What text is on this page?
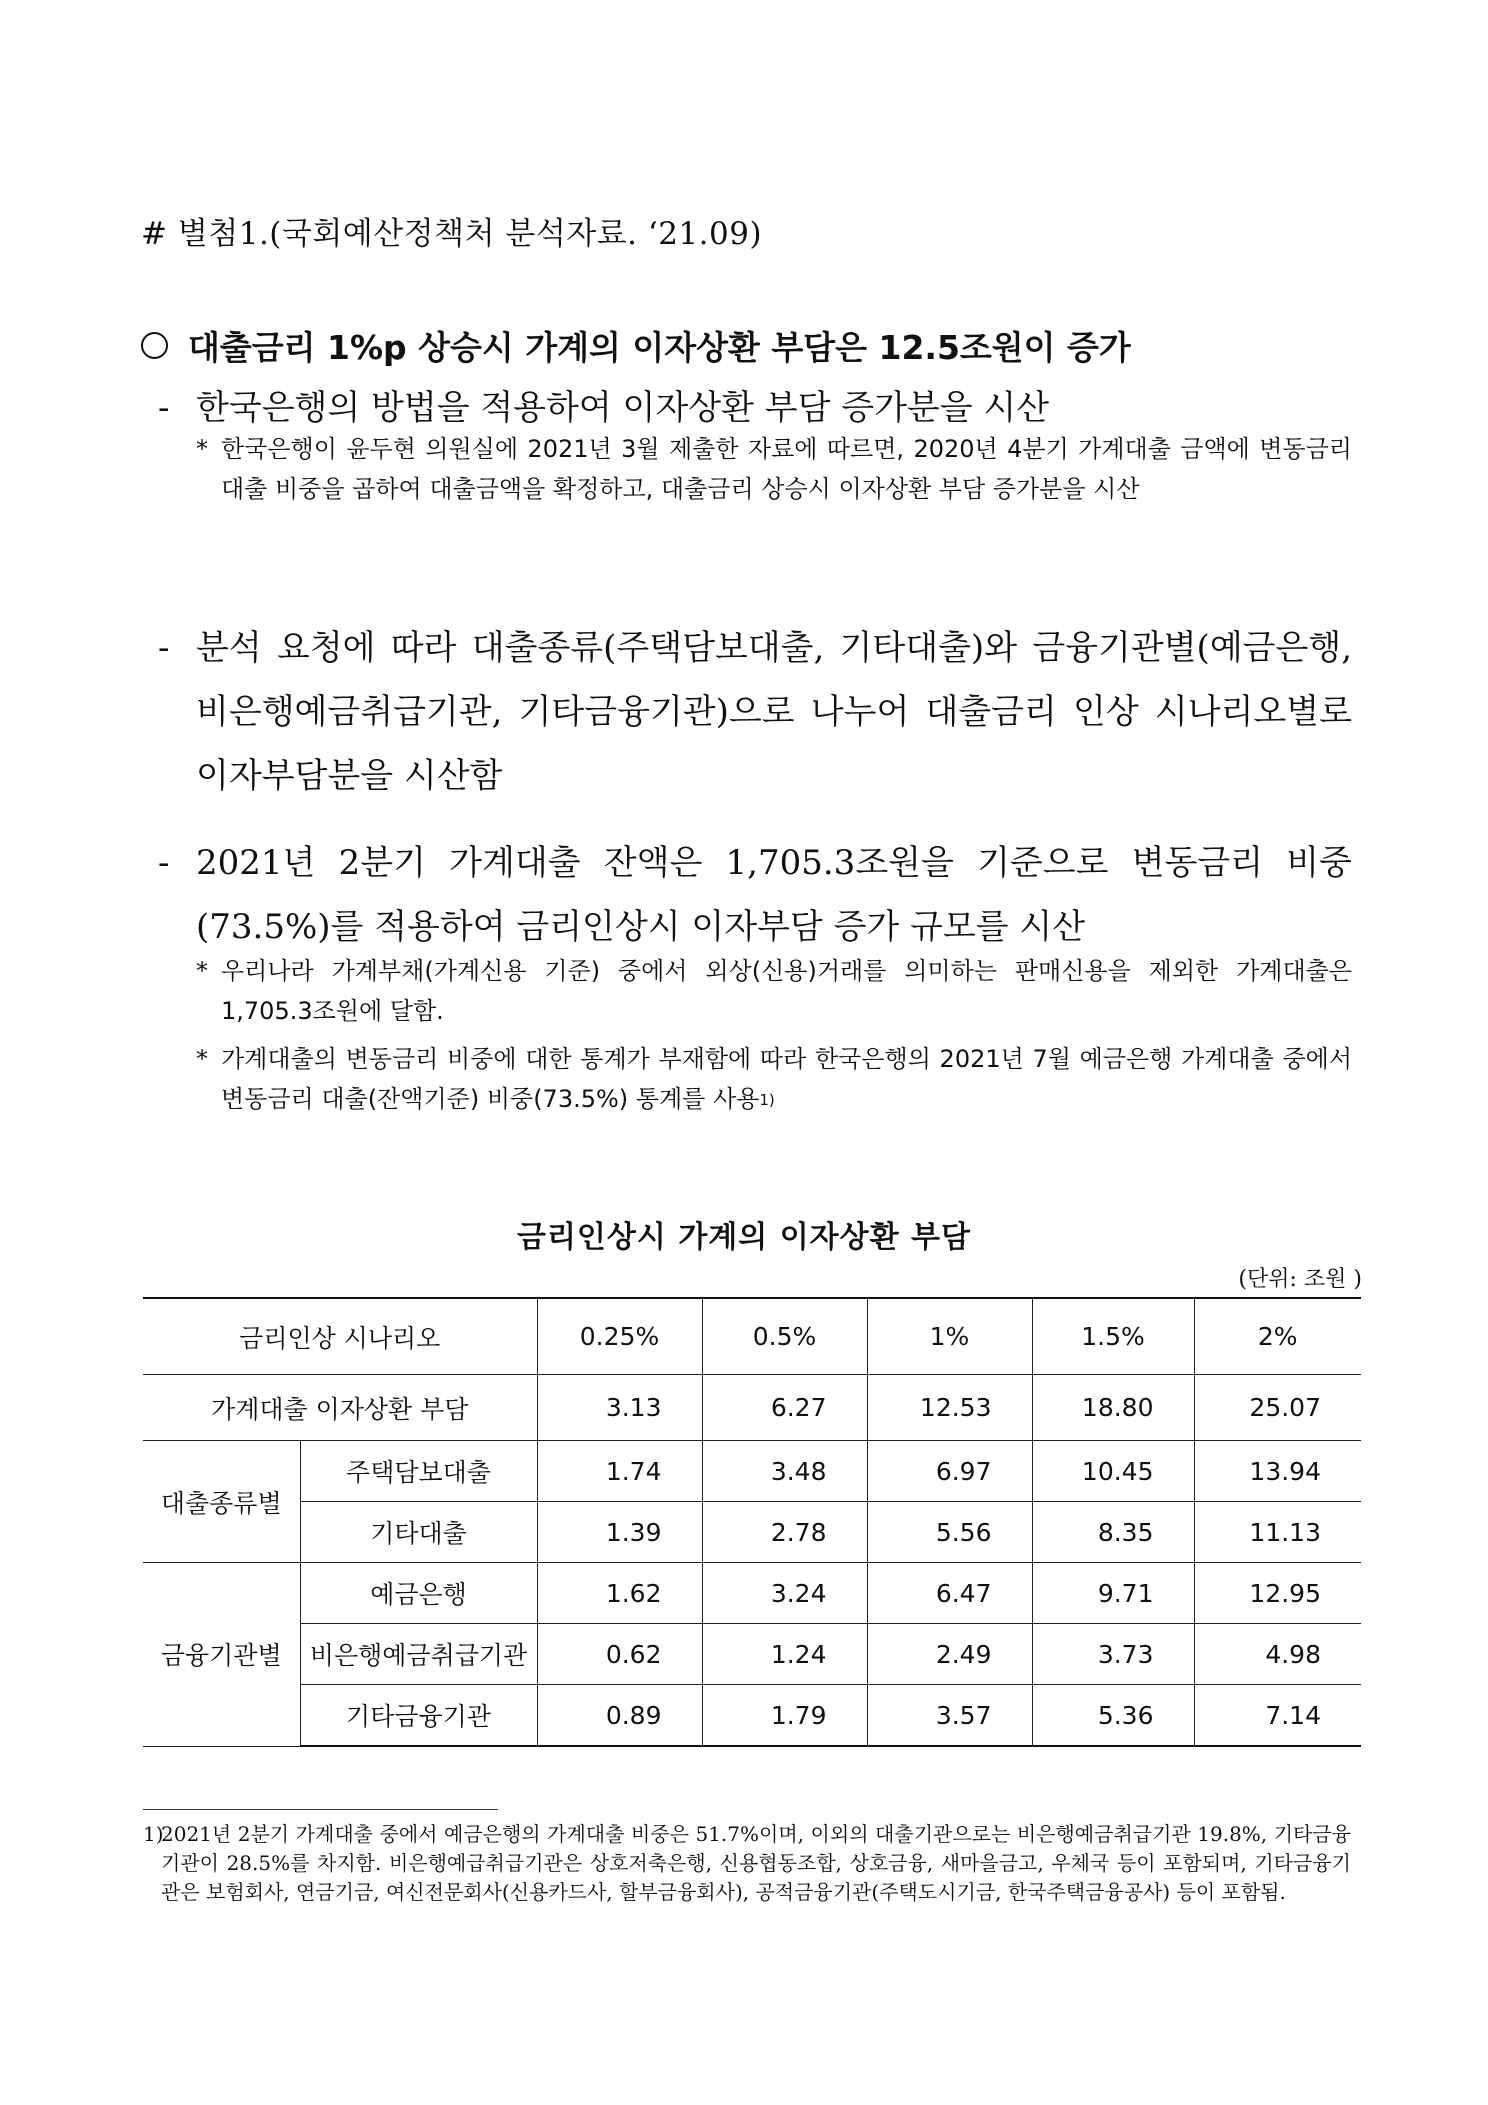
# 별첨1.(국회예산정책처 분석자료. ‘21.09)
대출금리 1%p 상승시 가계의 이자상환 부담은 12.5조원이 증가
- 한국은행의 방법을 적용하여 이자상환 부담 증가분을 시산
* 한국은행이 윤두현 의원실에 2021년 3월 제출한 자료에 따르면, 2020년 4분기 가계대출 금액에 변동금리 대출 비중을 곱하여 대출금액을 확정하고, 대출금리 상승시 이자상환 부담 증가분을 시산
- 분석 요청에 따라 대출종류(주택담보대출, 기타대출)와 금융기관별(예금은행, 비은행예금취급기관, 기타금융기관)으로 나누어 대출금리 인상 시나리오별로 이자부담분을 시산함
- 2021년 2분기 가계대출 잔액은 1,705.3조원을 기준으로 변동금리 비중(73.5%)를 적용하여 금리인상시 이자부담 증가 규모를 시산
* 우리나라 가계부채(가계신용 기준) 중에서 외상(신용)거래를 의미하는 판매신용을 제외한 가계대출은 1,705.3조원에 달함.
* 가계대출의 변동금리 비중에 대한 통계가 부재함에 따라 한국은행의 2021년 7월 예금은행 가계대출 중에서 변동금리 대출(잔액기준) 비중(73.5%) 통계를 사용$^{1)}$
금리인상시 가계의 이자상환 부담
(단위: 조원 )
금리인상 시나리오		0.25%	0.5%	1%	1.5%	2%
가계대출 이자상환 부담		3.13	6.27	12.53	18.80	25.07
대출종류별	주택담보대출	1.74	3.48	6.97	10.45	13.94
	기타대출	1.39	2.78	5.56	8.35	11.13
금융기관별	예금은행	1.62	3.24	6.47	9.71	12.95
	비은행예금취급기관	0.62	1.24	2.49	3.73	4.98
	기타금융기관	0.89	1.79	3.57	5.36	7.14
1)
2021년 2분기 가계대출 중에서 예금은행의 가계대출 비중은 51.7%이며, 이외의 대출기관으로는 비은행예금취급기관 19.8%, 기타금융기관이 28.5%를 차지함. 비은행예급취급기관은 상호저축은행, 신용협동조합, 상호금융, 새마을금고, 우체국 등이 포함되며, 기타금융기관은 보험회사, 연금기금, 여신전문회사(신용카드사, 할부금융회사), 공적금융기관(주택도시기금, 한국주택금융공사) 등이 포함됨.
